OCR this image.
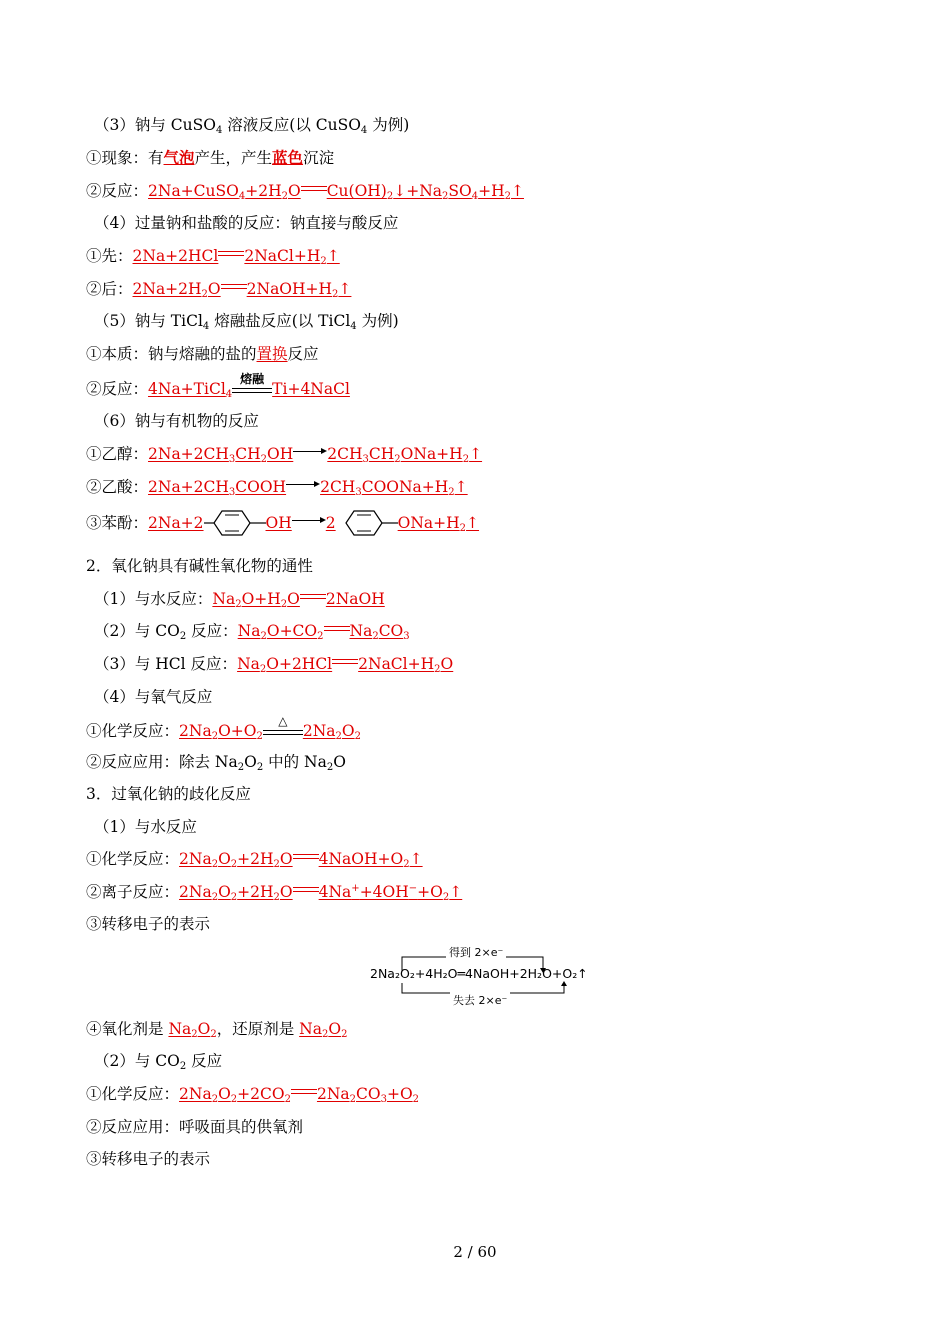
（3）钠与 CuSO$_4$ 溶液反应(以 CuSO$_4$ 为例)
①现象：有气泡产生，产生蓝色沉淀
②反应：$2Na+CuSO_4+2H_2O$ $Cu(OH)_2↓+Na_2SO_4+H_2↑$
（4）过量钠和盐酸的反应：钠直接与酸反应
①先：2Na+2HCl $2NaCl+H_2↑$
②后：$2Na+2H_2O$ $2NaOH+H_2↑$
（5）钠与 TiCl$_4$ 熔融盐反应(以 TiCl$_4$ 为例)
①本质：钠与熔融的盐的置换反应
②反应：4Na+TiCl$_4$
熔融
Ti+4NaCl
（6）钠与有机物的反应
①乙醇：$2Na+2CH_3CH_2OH$ $2CH_3CH_2ONa+H_2↑$
②乙酸：$2Na+2CH_3COOH$ $2CH_3COONa+H_2↑$
③苯酚：2Na+2	OH 2	$ONa+H_2↑$
2．氧化钠具有碱性氧化物的通性
（1）与水反应：$Na_2O+H_2O$ 2NaOH
（2）与 $CO_2$ 反应：$Na_2O+CO_2$ $Na_2CO_3$
（3）与 HCl 反应：$Na_2O+2HCl$ $2NaCl+H_2O$
（4）与氧气反应
①化学反应：$2Na_2O+O_2$
△
$2Na_2O_2$
②反应应用：除去 $Na_2O_2$ 中的 $Na_2O$
3．过氧化钠的歧化反应
（1）与水反应
①化学反应：$2Na_2O_2+2H_2O$ $4NaOH+O_2↑$
②离子反应：$2Na_2O_2+2H_2O$ $4Na^++4OH^-+O_2↑$
③转移电子的表示
得到 2×e⁻
2Na₂O₂+4H₂O═4NaOH+2H₂O+O₂↑
失去 2×e⁻
④氧化剂是 $Na_2O_2$，还原剂是 $Na_2O_2$
（2）与 $CO_2$ 反应
①化学反应：$2Na_2O_2+2CO_2$ $2Na_2CO_3+O_2$
②反应应用：呼吸面具的供氧剂
③转移电子的表示
2 / 60
